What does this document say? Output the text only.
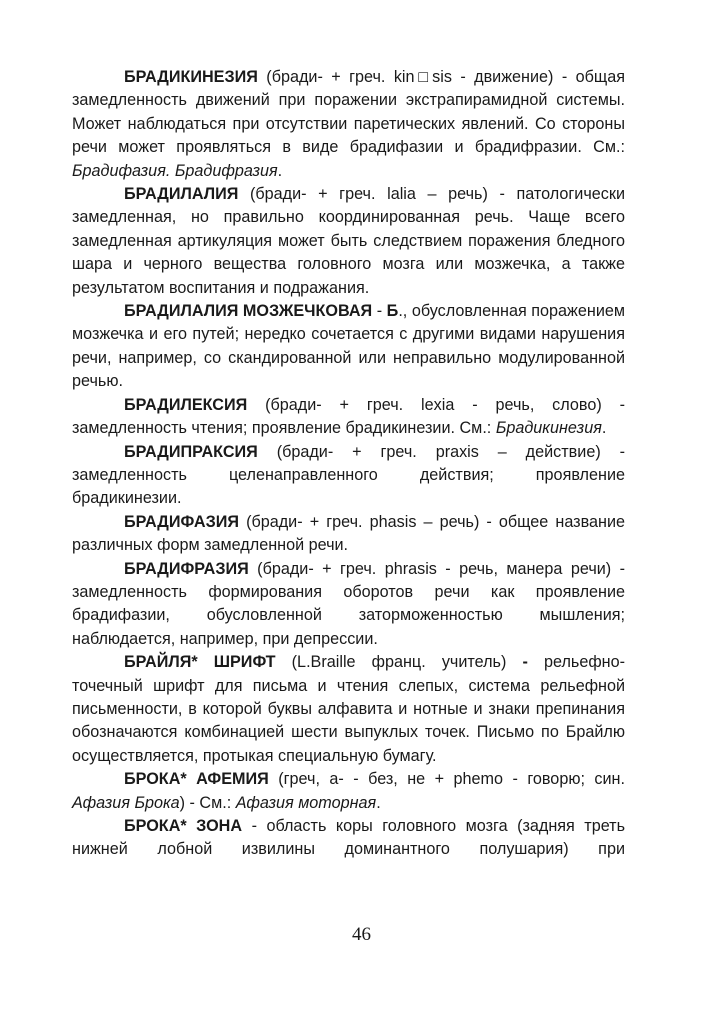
БРАДИКИНЕЗИЯ (бради- + греч. kin□sis - движение) - общая замедленность движений при поражении экстрапирамидной системы. Может наблюдаться при отсутствии паретических явлений. Со стороны речи может проявляться в виде брадифазии и брадифразии. См.: Брадифазия. Брадифразия.

БРАДИЛАЛИЯ (бради- + греч. lalia – речь) - патологически замедленная, но правильно координированная речь. Чаще всего замедленная артикуляция может быть следствием поражения бледного шара и черного вещества головного мозга или мозжечка, а также результатом воспитания и подражания.

БРАДИЛАЛИЯ МОЗЖЕЧКОВАЯ - Б., обусловленная поражением мозжечка и его путей; нередко сочетается с другими видами нарушения речи, например, со скандированной или неправильно модулированной речью.

БРАДИЛЕКСИЯ (бради- + греч. lexia - речь, слово) - замедленность чтения; проявление брадикинезии. См.: Брадикинезия.

БРАДИПРАКСИЯ (бради- + греч. praxis – действие) - замедленность целенаправленного действия; проявление брадикинезии.

БРАДИФАЗИЯ (бради- + греч. phasis – речь) - общее название различных форм замедленной речи.

БРАДИФРАЗИЯ (бради- + греч. phrasis - речь, манера речи) - замедленность формирования оборотов речи как проявление брадифазии, обусловленной заторможенностью мышления; наблюдается, например, при депрессии.

БРАЙЛЯ* ШРИФТ (L.Braille франц. учитель) - рельефно-точечный шрифт для письма и чтения слепых, система рельефной письменности, в которой буквы алфавита и нотные и знаки препинания обозначаются комбинацией шести выпуклых точек. Письмо по Брайлю осуществляется, протыкая специальную бумагу.

БРОКА* АФЕМИЯ (греч, а- - без, не + phemo - говорю; син. Афазия Брока) - См.: Афазия моторная.

БРОКА* ЗОНА - область коры головного мозга (задняя треть нижней лобной извилины доминантного полушария) при

46
